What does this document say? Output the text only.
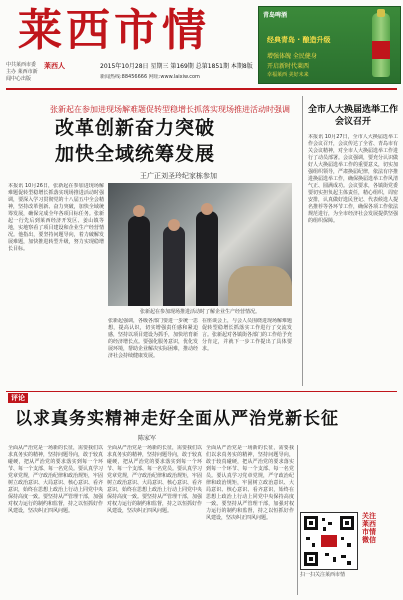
莱西市情
中共莱西市委主办 莱西市新闻中心出版
莱西人	2015年10月28日 星期三 第169期 总第1851期 本期8版
新闻热线:88456666 网址:www.laixiw.com
青岛啤酒
经典青岛 · 酿造升级
增强体魄 全民健身
开启新时代莱西
幸福莱西 美好未来
张新起在参加进现场解难题促转型稳增长抓落实现场推进活动时强调
改革创新奋力突破
加快全域统筹发展
王广正刘圣玲纪家栋参加
全市人大换届选举工作会议召开
本报讯 10月27日，全市人大换届选举工作会议召开，会议传达了全省、青岛市有关会议精神，对全市人大换届选举工作进行了动员部署。会议强调，要充分认识做好人大换届选举工作的重要意义，切实加强组织领导，严肃换届纪律，依法有序推进换届选举工作，确保换届选举工作风清气正、圆满成功。会议要求，各镇街党委要切实担负起主体责任，精心组织，周密安排，认真做好选民登记、代表候选人提名推荐等各环节工作，确保各项工作依法规范进行，为全市经济社会发展提供坚强的组织保障。
本报讯 10月26日，张新起在参加进现场解难题促转型稳增长抓落实现场推进活动时强调，要深入学习贯彻党的十八届五中全会精神，坚持改革创新、奋力突破，加快全域统筹发展，确保完成全年各项目标任务。张新起一行先后到莱西经济开发区、姜山镇等地，实地察看了项目建设和企业生产经营情况。他指出，要坚持问题导向，着力破解发展难题，加快推进转型升级，努力实现稳增长目标。
张新起强调，各级各部门要进一步统一思想，提高认识，切实增强责任感和紧迫感，坚持以项目建设为抓手，加快培育新的经济增长点。要强化服务意识，优化发展环境，帮助企业解决实际困难，推动经济社会持续健康发展。
在座谈会上，与会人员围绕进现场解难题促转型稳增长抓落实工作进行了交流发言。张新起对各镇街各部门的工作给予充分肯定，并就下一步工作提出了具体要求。
张新起在参加现场推进活动时了解企业生产经营情况。
评论
以求真务实精神走好全面从严治党新长征
陈家军
全面从严治党是一场新的长征，需要我们以求真务实的精神，坚持问题导向，敢于较真碰硬，把从严治党的要求落实到每一个环节、每一个支部、每一名党员。要认真学习党章党规，严守政治纪律和政治规矩，牢固树立政治意识、大局意识、核心意识、看齐意识，始终在思想上政治上行动上同党中央保持高度一致。要坚持从严管理干部，加强对权力运行的制约和监督，持之以恒抓好作风建设，坚决纠正四风问题。
全面从严治党是一场新的长征，需要我们以求真务实的精神，坚持问题导向，敢于较真碰硬，把从严治党的要求落实到每一个环节、每一个支部、每一名党员。要认真学习党章党规，严守政治纪律和政治规矩，牢固树立政治意识、大局意识、核心意识、看齐意识，始终在思想上政治上行动上同党中央保持高度一致。要坚持从严管理干部，加强对权力运行的制约和监督，持之以恒抓好作风建设，坚决纠正四风问题。
全面从严治党是一场新的长征，需要我们以求真务实的精神，坚持问题导向，敢于较真碰硬，把从严治党的要求落实到每一个环节、每一个支部、每一名党员。要认真学习党章党规，严守政治纪律和政治规矩，牢固树立政治意识、大局意识、核心意识、看齐意识，始终在思想上政治上行动上同党中央保持高度一致。要坚持从严管理干部，加强对权力运行的制约和监督，持之以恒抓好作风建设，坚决纠正四风问题。	关注莱西市情微信
扫一扫关注莱西市情
